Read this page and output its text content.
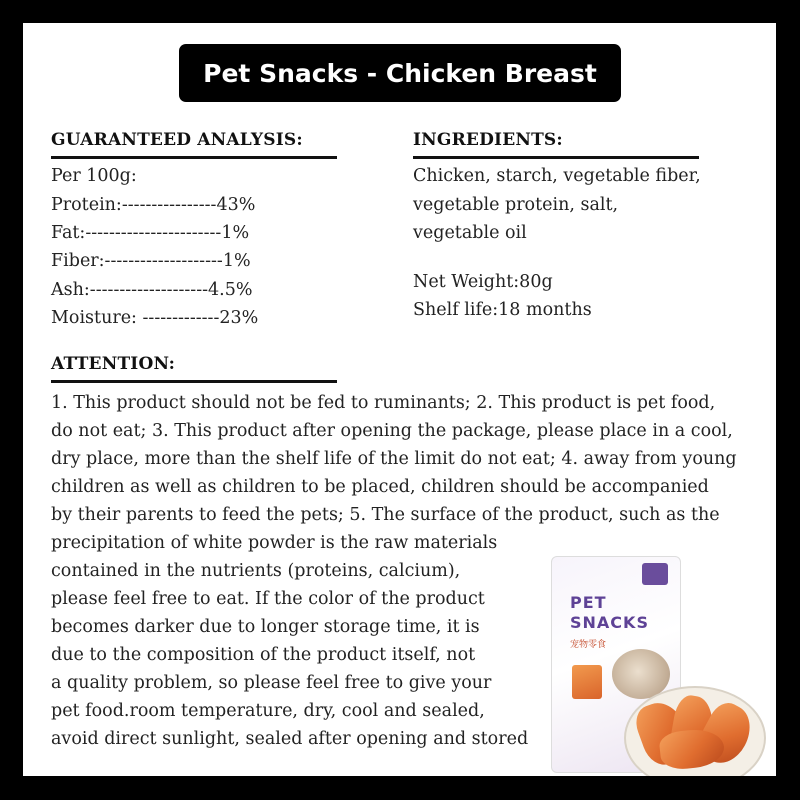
Pet Snacks - Chicken Breast
GUARANTEED ANALYSIS:
Per 100g:
Protein:----------------43%
Fat:-----------------------1%
Fiber:--------------------1%
Ash:--------------------4.5%
Moisture: -------------23%
INGREDIENTS:
Chicken, starch, vegetable fiber,
vegetable protein, salt,
vegetable oil
Net Weight:80g
Shelf life:18 months
ATTENTION:
1. This product should not be fed to ruminants; 2. This product is pet food,
do not eat; 3. This product after opening the package, please place in a cool,
dry place, more than the shelf life of the limit do not eat; 4. away from young
children as well as children to be placed, children should be accompanied
by their parents to feed the pets; 5. The surface of the product, such as the
precipitation of white powder is the raw materials
contained in the nutrients (proteins, calcium),
please feel free to eat. If the color of the product
becomes darker due to longer storage time, it is
due to the composition of the product itself, not
a quality problem, so please feel free to give your
pet food.room temperature, dry, cool and sealed,
avoid direct sunlight, sealed after opening and stored
PET
SNACKS
宠物零食
